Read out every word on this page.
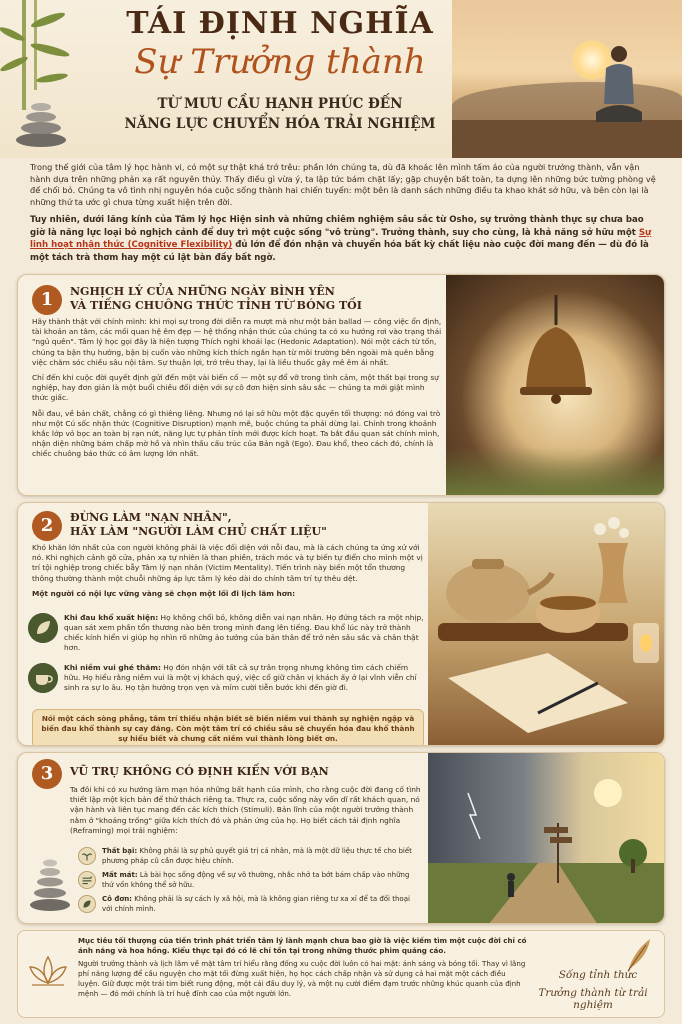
TÁI ĐỊNH NGHĨA
Sự Trưởng thành
TỪ MƯU CẦU HẠNH PHÚC ĐẾN
NĂNG LỰC CHUYỂN HÓA TRẢI NGHIỆM

Trong thế giới của tâm lý học hành vi, có một sự thật khá trớ trêu: phần lớn chúng ta, dù đã khoác lên mình tấm áo của người trưởng thành, vẫn vận hành dựa trên những phản xạ rất nguyên thủy. Thấy điều gì vừa ý, ta lập tức bám chặt lấy; gặp chuyện bất toàn, ta dựng lên những bức tường phòng vệ để chối bỏ. Chúng ta vô tình nhị nguyên hóa cuộc sống thành hai chiến tuyến: một bên là danh sách những điều ta khao khát sở hữu, và bên còn lại là những thứ ta ước gì chưa từng xuất hiện trên đời.

Tuy nhiên, dưới lăng kính của Tâm lý học Hiện sinh và những chiêm nghiệm sâu sắc từ Osho, sự trưởng thành thực sự chưa bao giờ là năng lực loại bỏ nghịch cảnh để duy trì một cuộc sống "vô trùng". Trưởng thành, suy cho cùng, là khả năng sở hữu một Sự linh hoạt nhận thức (Cognitive Flexibility) đủ lớn để đón nhận và chuyển hóa bất kỳ chất liệu nào cuộc đời mang đến — dù đó là một tách trà thơm hay một cú lật bàn đầy bất ngờ.

1	NGHỊCH LÝ CỦA NHỮNG NGÀY BÌNH YÊN
VÀ TIẾNG CHUÔNG THỨC TỈNH TỪ BÓNG TỐI

Hãy thành thật với chính mình: khi mọi sự trong đời diễn ra mượt mà như một bản ballad — công việc ổn định, tài khoản an tâm, các mối quan hệ êm đẹp — hệ thống nhận thức của chúng ta có xu hướng rơi vào trạng thái "ngủ quên". Tâm lý học gọi đây là hiện tượng Thích nghi khoái lạc (Hedonic Adaptation). Nói một cách từ tốn, chúng ta bận thụ hưởng, bận bị cuốn vào những kích thích ngắn hạn từ môi trường bên ngoài mà quên bẵng việc chăm sóc chiều sâu nội tâm. Sự thuận lợi, trớ trêu thay, lại là liều thuốc gây mê êm ái nhất.

Chỉ đến khi cuộc đời quyết định gửi đến một vài biến cố — một sự đổ vỡ trong tình cảm, một thất bại trong sự nghiệp, hay đơn giản là một buổi chiều đối diện với sự cô đơn hiện sinh sâu sắc — chúng ta mới giật mình thức giấc.

Nỗi đau, về bản chất, chẳng có gì thiêng liêng. Nhưng nó lại sở hữu một đặc quyền tối thượng: nó đóng vai trò như một Cú sốc nhận thức (Cognitive Disruption) mạnh mẽ, buộc chúng ta phải dừng lại. Chính trong khoảnh khắc lớp vỏ bọc an toàn bị rạn nứt, năng lực tự phản tỉnh mới được kích hoạt. Ta bắt đầu quan sát chính mình, nhận diện những bám chấp mờ hồ và nhìn thấu cấu trúc của Bản ngã (Ego). Đau khổ, theo cách đó, chính là chiếc chuông báo thức có âm lượng lớn nhất.

2	ĐỪNG LÀM "NẠN NHÂN",
HÃY LÀM "NGƯỜI LÀM CHỦ CHẤT LIỆU"

Khó khăn lớn nhất của con người không phải là việc đối diện với nỗi đau, mà là cách chúng ta ứng xử với nó. Khi nghịch cảnh gõ cửa, phản xạ tự nhiên là than phiền, trách móc và tự biến tự điển cho mình một vị trí tội nghiệp trong chiếc bẫy Tâm lý nạn nhân (Victim Mentality). Tiến trình này biến một tổn thương thông thường thành một chuỗi những áp lực tâm lý kéo dài do chính tâm trí tự thêu dệt.

Một người có nội lực vững vàng sẽ chọn một lối đi lịch lãm hơn:

Khi đau khổ xuất hiện: Họ không chối bỏ, không diễn vai nạn nhân. Họ đứng tách ra một nhịp, quan sát xem phần tổn thương nào bên trong mình đang lên tiếng. Đau khổ lúc này trở thành chiếc kính hiển vi giúp họ nhìn rõ những ảo tưởng của bản thân để trở nên sâu sắc và chân thật hơn.
Khi niềm vui ghé thăm: Họ đón nhận với tất cả sự trân trọng nhưng không tìm cách chiếm hữu. Họ hiểu rằng niềm vui là một vị khách quý, việc cố giữ chân vị khách ấy ở lại vĩnh viễn chỉ sinh ra sự lo âu. Họ tận hưởng trọn vẹn và mỉm cười tiễn bước khi đến giờ đi.
Nói một cách sòng phẳng, tâm trí thiếu nhận biết sẽ biến niềm vui thành sự nghiện ngập và biến đau khổ thành sự cay đắng. Còn một tâm trí có chiều sâu sẽ chuyển hóa đau khổ thành sự hiểu biết và chưng cất niềm vui thành lòng biết ơn.
3	VŨ TRỤ KHÔNG CÓ ĐỊNH KIẾN VỚI BẠN

Ta đôi khi có xu hướng làm mạn hóa những bất hạnh của mình, cho rằng cuộc đời đang cố tình thiết lập một kịch bản để thử thách riêng ta. Thực ra, cuộc sống này vốn dĩ rất khách quan, nó vận hành và liên tục mang đến các kích thích (Stimuli). Bản lĩnh của một người trưởng thành nằm ở "khoảng trống" giữa kích thích đó và phản ứng của họ. Họ biết cách tái định nghĩa (Reframing) mọi trải nghiệm:

Thất bại: Không phải là sự phủ quyết giá trị cá nhân, mà là một dữ liệu thực tế cho biết phương pháp cũ cần được hiệu chỉnh.
Mất mát: Là bài học sống động về sự vô thường, nhắc nhở ta bớt bám chấp vào những thứ vốn không thể sở hữu.
Cô đơn: Không phải là sự cách ly xã hội, mà là không gian riêng tư xa xỉ để ta đối thoại với chính mình.

Mục tiêu tối thượng của tiến trình phát triển tâm lý lành mạnh chưa bao giờ là việc kiếm tìm một cuộc đời chỉ có ánh nắng và hoa hồng. Kiểu thực tại đó có lẽ chỉ tồn tại trong những thước phim quảng cáo.

Người trưởng thành và lịch lãm về mặt tâm trí hiểu rằng đống xu cuộc đời luôn có hai mặt: ánh sáng và bóng tối. Thay vì lãng phí năng lượng để cầu nguyện cho mặt tối đừng xuất hiện, họ học cách chấp nhận và sử dụng cả hai mặt một cách điều luyện. Giữ được một trái tim biết rung động, một cái đầu duy lý, và một nụ cười điềm đạm trước những khúc quanh của định mệnh — đó mới chính là trí huệ đỉnh cao của một người lớn.

Sống tỉnh thức
Trưởng thành từ trải nghiệm
